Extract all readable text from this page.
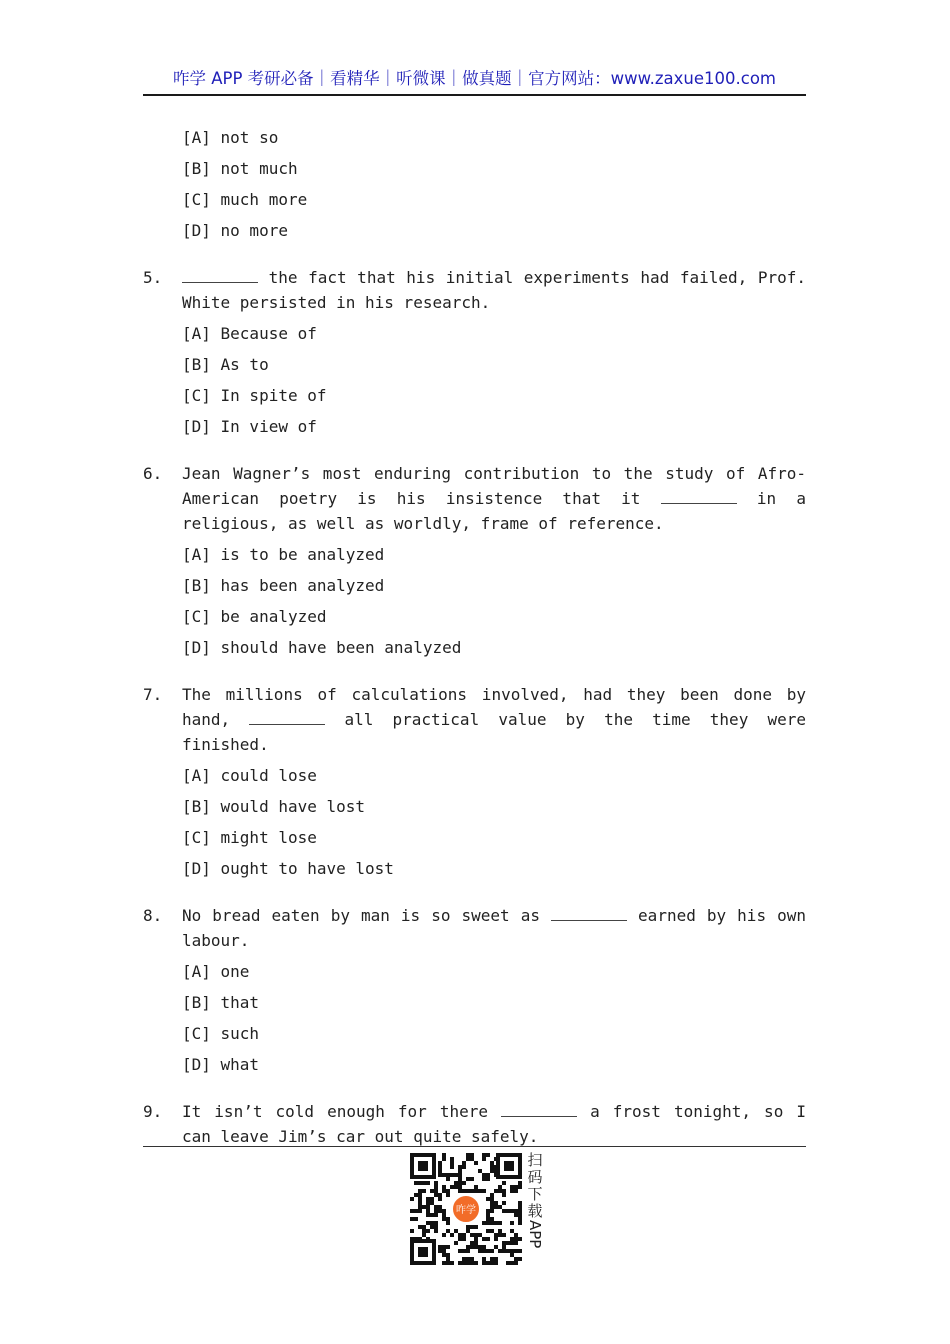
咋学 APP 考研必备｜看精华｜听微课｜做真题｜官方网站：www.zaxue100.com
[A] not so
[B] not much
[C] much more
[D] no more
5.	the fact that his initial experiments had failed, Prof. White persisted in his research.
[A] Because of
[B] As to
[C] In spite of
[D] In view of
6.	Jean Wagner’s most enduring contribution to the study of Afro-American poetry is his insistence that it	in a religious, as well as worldly, frame of reference.
[A] is to be analyzed
[B] has been analyzed
[C] be analyzed
[D] should have been analyzed
7.	The millions of calculations involved, had they been done by hand,	all practical value by the time they were finished.
[A] could lose
[B] would have lost
[C] might lose
[D] ought to have lost
8.	No bread eaten by man is so sweet as	earned by his own labour.
[A] one
[B] that
[C] such
[D] what
9.	It isn’t cold enough for there	a frost tonight, so I can leave Jim’s car out quite safely.
咋学
扫
码
下
载
APP
